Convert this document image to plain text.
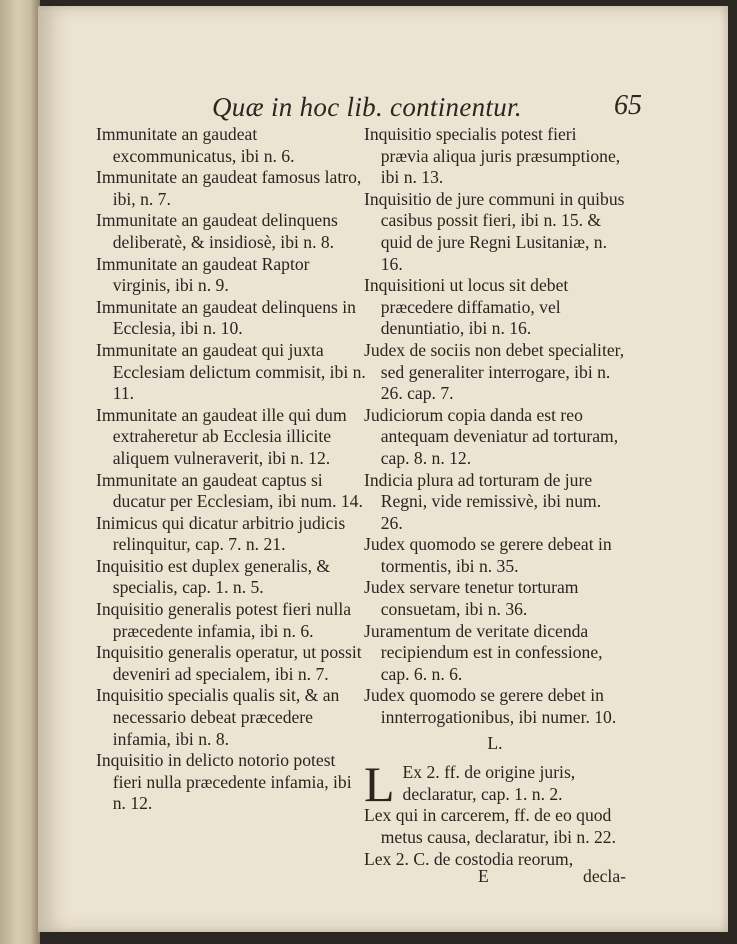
Quæ in hoc lib. continentur.	65

Immunitate an gaudeat excommunicatus, ibi n. 6.

Immunitate an gaudeat famosus latro, ibi, n. 7.

Immunitate an gaudeat delinquens deliberatè, & insidiosè, ibi n. 8.

Immunitate an gaudeat Raptor virginis, ibi n. 9.

Immunitate an gaudeat delinquens in Ecclesia, ibi n. 10.

Immunitate an gaudeat qui juxta Ecclesiam delictum commisit, ibi n. 11.

Immunitate an gaudeat ille qui dum extraheretur ab Ecclesia illicite aliquem vulneraverit, ibi n. 12.

Immunitate an gaudeat captus si ducatur per Ecclesiam, ibi num. 14.

Inimicus qui dicatur arbitrio judicis relinquitur, cap. 7. n. 21.

Inquisitio est duplex generalis, & specialis, cap. 1. n. 5.

Inquisitio generalis potest fieri nulla præcedente infamia, ibi n. 6.

Inquisitio generalis operatur, ut possit deveniri ad specialem, ibi n. 7.

Inquisitio specialis qualis sit, & an necessario debeat præcedere infamia, ibi n. 8.

Inquisitio in delicto notorio potest fieri nulla præcedente infamia, ibi n. 12.

Inquisitio specialis potest fieri prævia aliqua juris præsumptione, ibi n. 13.

Inquisitio de jure communi in quibus casibus possit fieri, ibi n. 15. & quid de jure Regni Lusitaniæ, n. 16.

Inquisitioni ut locus sit debet præcedere diffamatio, vel denuntiatio, ibi n. 16.

Judex de sociis non debet specialiter, sed generaliter interrogare, ibi n. 26. cap. 7.

Judiciorum copia danda est reo antequam deveniatur ad torturam, cap. 8. n. 12.

Indicia plura ad torturam de jure Regni, vide remissivè, ibi num. 26.

Judex quomodo se gerere debeat in tormentis, ibi n. 35.

Judex servare tenetur torturam consuetam, ibi n. 36.

Juramentum de veritate dicenda recipiendum est in confessione, cap. 6. n. 6.

Judex quomodo se gerere debet in innterrogationibus, ibi numer. 10.

L.

L Ex 2. ff. de origine juris, declaratur, cap. 1. n. 2.

Lex qui in carcerem, ff. de eo quod metus causa, declaratur, ibi n. 22.

Lex 2. C. de costodia reorum,

E	decla-
